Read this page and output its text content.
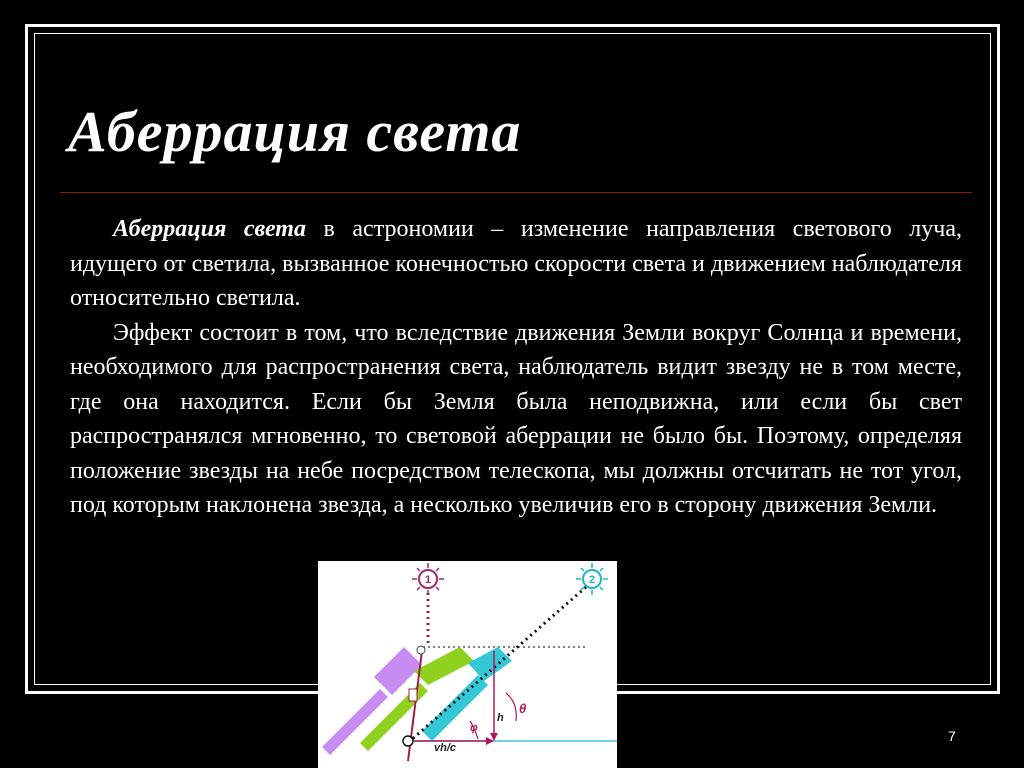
Аберрация света

Аберрация света в астрономии – изменение направления светового луча, идущего от светила, вызванное конечностью скорости света и движением наблюдателя относительно светила.

Эффект состоит в том, что вследствие движения Земли вокруг Солнца и времени, необходимого для распространения света, наблюдатель видит звезду не в том месте, где она находится. Если бы Земля была неподвижна, или если бы свет распространялся мгновенно, то световой аберрации не было бы. Поэтому, определяя положение звезды на небе посредством телескопа, мы должны отсчитать не тот угол, под которым наклонена звезда, а несколько увеличив его в сторону движения Земли.

1	2
θ
h
φ
vh/c
7
